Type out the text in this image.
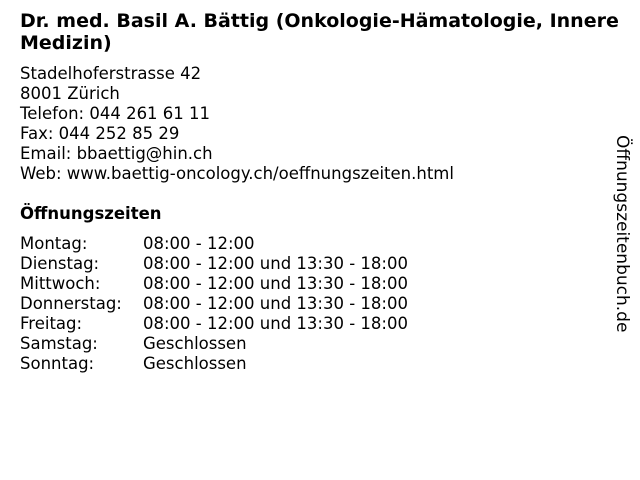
Dr. med. Basil A. Bättig (Onkologie-Hämatologie, Innere Medizin)
Stadelhoferstrasse 42
8001 Zürich
Telefon: 044 261 61 11
Fax: 044 252 85 29
Email: bbaettig@hin.ch
Web: www.baettig-oncology.ch/oeffnungszeiten.html
Öffnungszeiten
Montag:	08:00 - 12:00
Dienstag:	08:00 - 12:00 und 13:30 - 18:00
Mittwoch:	08:00 - 12:00 und 13:30 - 18:00
Donnerstag: 08:00 - 12:00 und 13:30 - 18:00
Freitag:	08:00 - 12:00 und 13:30 - 18:00
Samstag:	Geschlossen
Sonntag:	Geschlossen
Öffnungszeitenbuch.de
